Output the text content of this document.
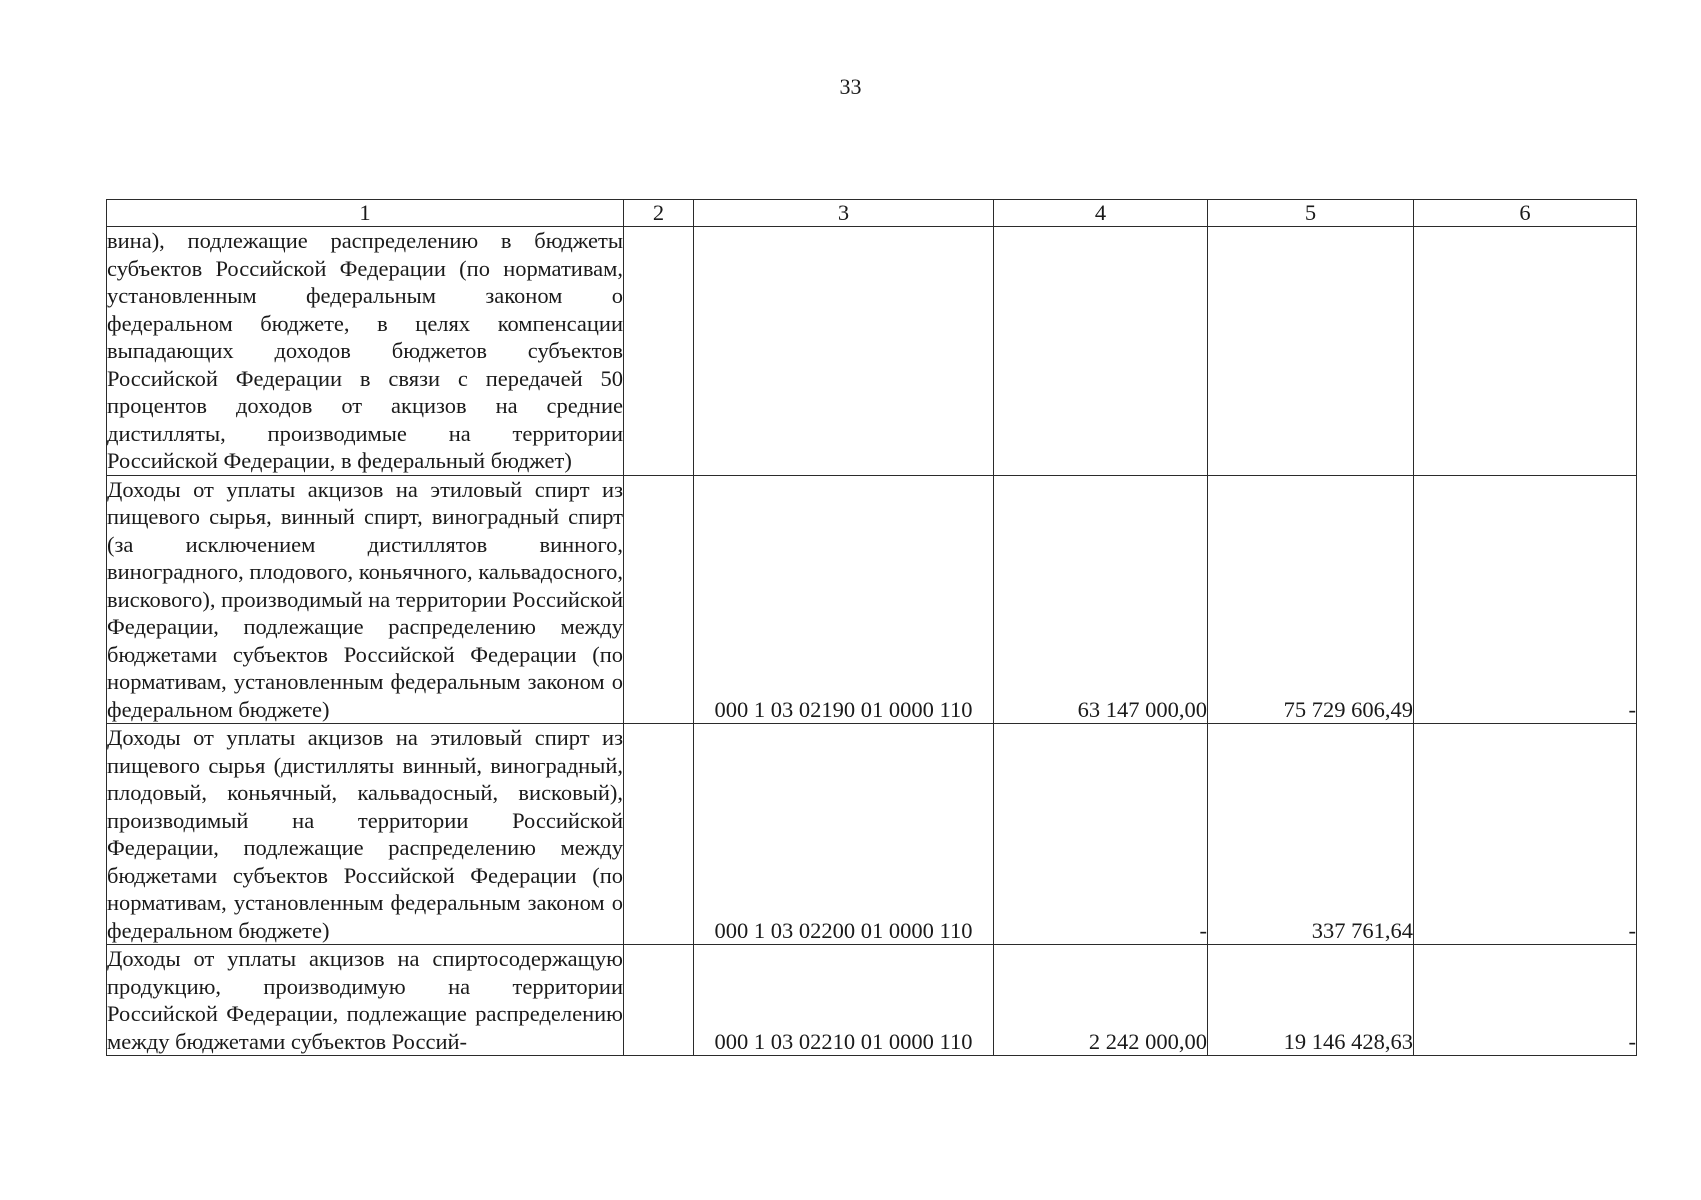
33
1	2	3	4	5	6
вина), подлежащие распределению в бюджеты субъектов Российской Федерации (по нормативам, установленным федеральным законом о федеральном бюджете, в целях компенсации выпадающих доходов бюджетов субъектов Российской Федерации в связи с передачей 50 процентов доходов от акцизов на средние дистилляты, производимые на территории Российской Федерации, в федеральный бюджет)					
Доходы от уплаты акцизов на этиловый спирт из пищевого сырья, винный спирт, виноградный спирт (за исключением дистиллятов винного, виноградного, плодового, коньячного, кальвадосного, вискового), производимый на территории Российской Федерации, подлежащие распределению между бюджетами субъектов Российской Федерации (по нормативам, установленным федеральным законом о федеральном бюджете)		000 1 03 02190 01 0000 110	63 147 000,00	75 729 606,49	-
Доходы от уплаты акцизов на этиловый спирт из пищевого сырья (дистилляты винный, виноградный, плодовый, коньячный, кальвадосный, висковый), производимый на территории Российской Федерации, подлежащие распределению между бюджетами субъектов Российской Федерации (по нормативам, установленным федеральным законом о федеральном бюджете)		000 1 03 02200 01 0000 110	-	337 761,64	-
Доходы от уплаты акцизов на спиртосодержащую продукцию, производимую на территории Российской Федерации, подлежащие распределению между бюджетами субъектов Россий-		000 1 03 02210 01 0000 110	2 242 000,00	19 146 428,63	-
